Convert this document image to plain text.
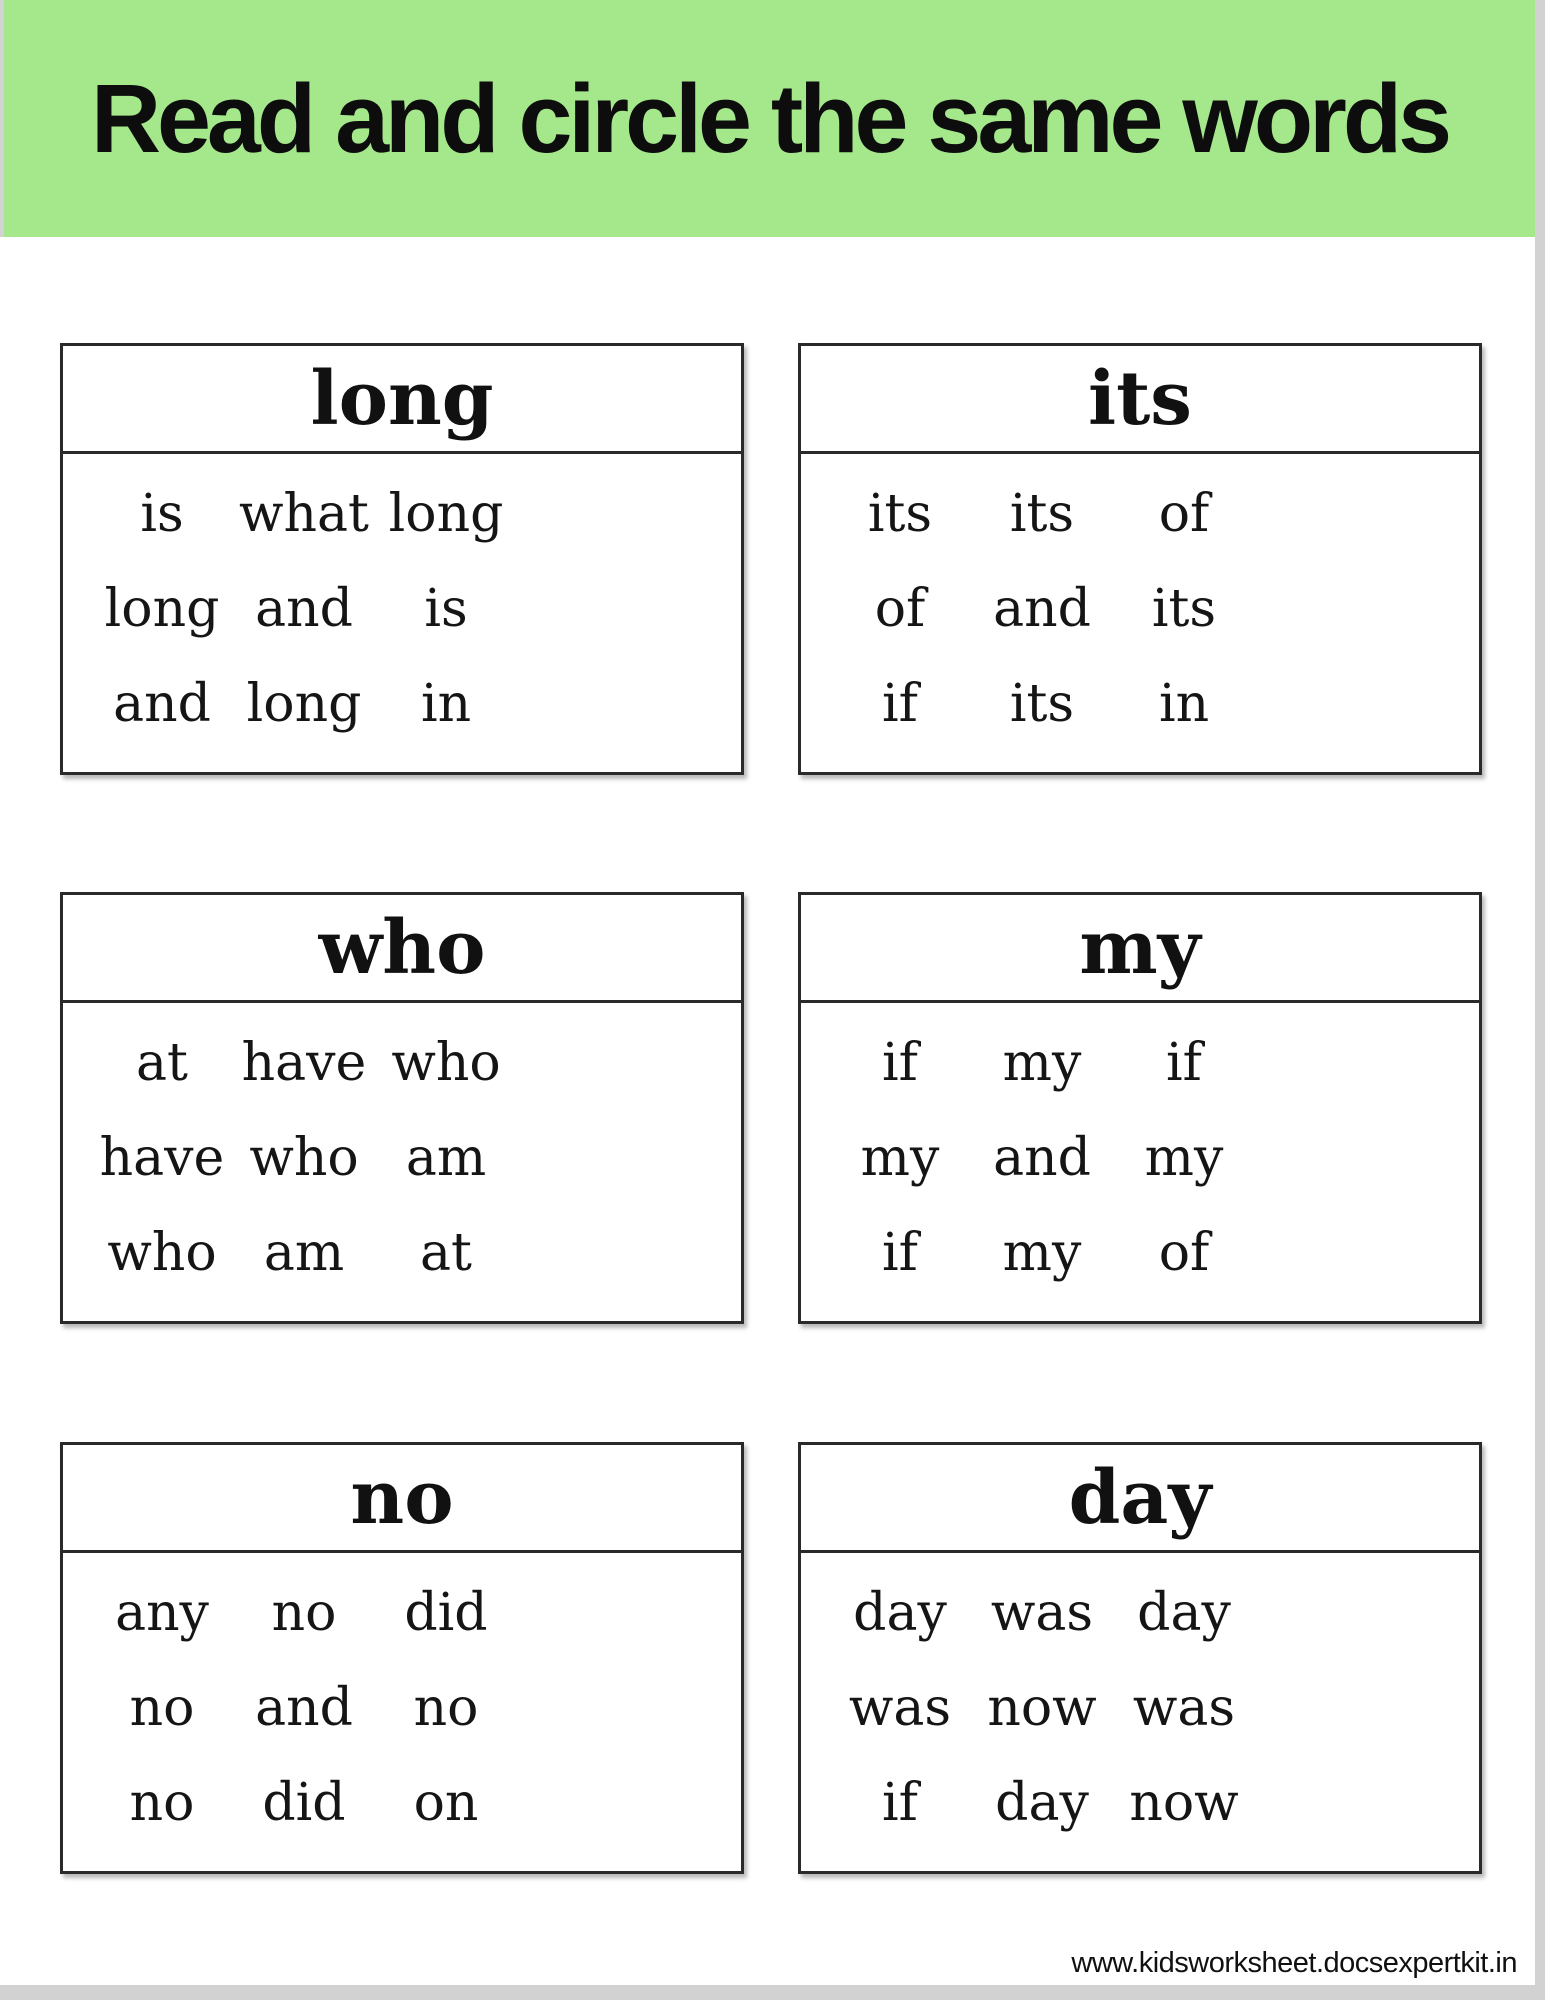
Read and circle the same words
long
is what long
long and is
and long in
its
its its of
of and its
if its in
who
at have who
have who am
who am at
my
if my if
my and my
if my of
no
any no did
no and no
no did on
day
day was day
was now was
if day now
www.kidsworksheet.docsexpertkit.in
